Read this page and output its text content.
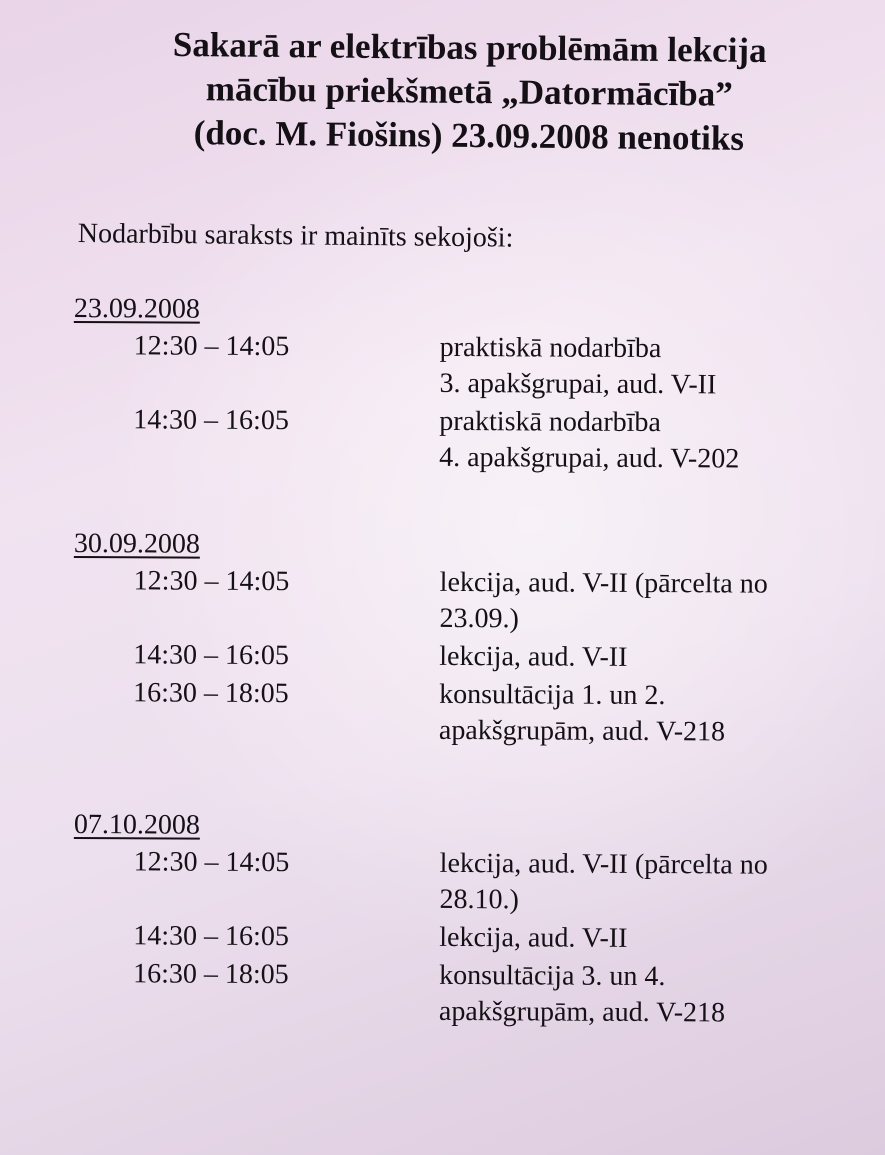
Sakarā ar elektrības problēmām lekcija
mācību priekšmetā „Datormācība”
(doc. M. Fiošins) 23.09.2008 nenotiks
Nodarbību saraksts ir mainīts sekojoši:
23.09.2008
12:30 – 14:05	praktiskā nodarbība
3. apakšgrupai, aud. V-II
14:30 – 16:05	praktiskā nodarbība
4. apakšgrupai, aud. V-202
30.09.2008
12:30 – 14:05	lekcija, aud. V-II (pārcelta no
23.09.)
14:30 – 16:05	lekcija, aud. V-II
16:30 – 18:05	konsultācija 1. un 2.
apakšgrupām, aud. V-218
07.10.2008
12:30 – 14:05	lekcija, aud. V-II (pārcelta no
28.10.)
14:30 – 16:05	lekcija, aud. V-II
16:30 – 18:05	konsultācija 3. un 4.
apakšgrupām, aud. V-218
